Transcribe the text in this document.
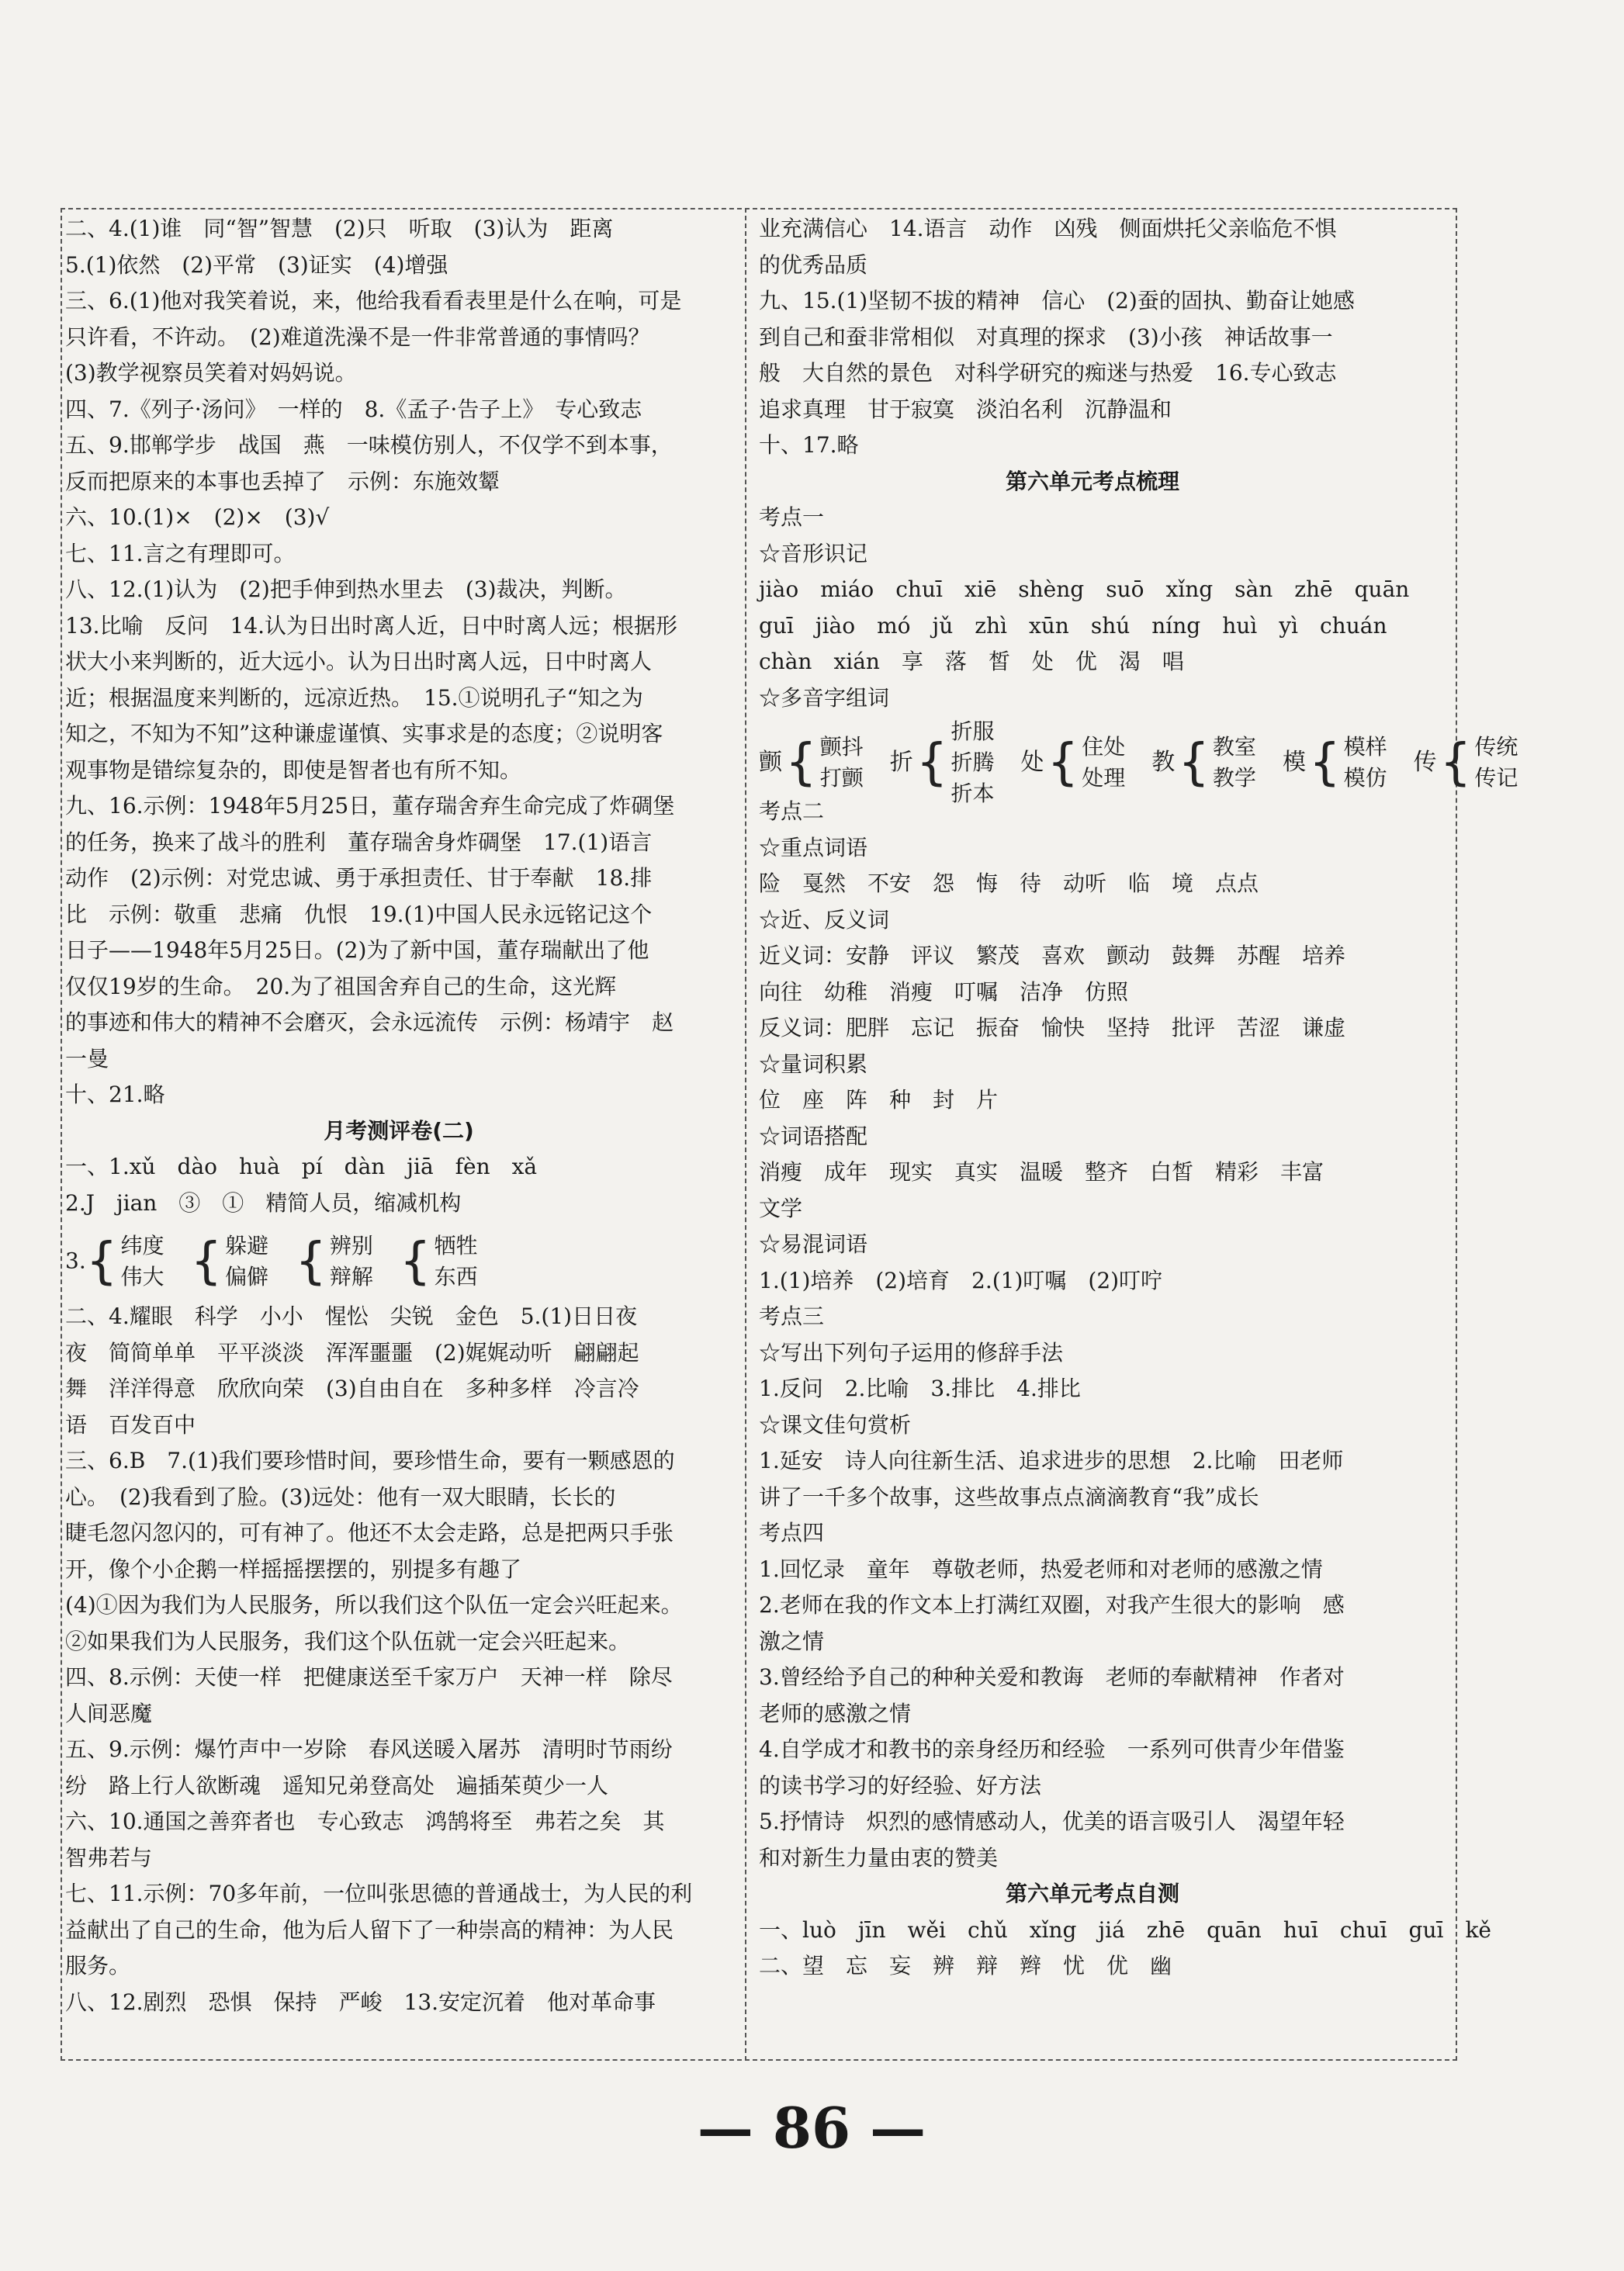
二、4.(1)谁　同“智”智慧　(2)只　听取　(3)认为　距离
5.(1)依然　(2)平常　(3)证实　(4)增强
三、6.(1)他对我笑着说，来，他给我看看表里是什么在响，可是
只许看，不许动。　(2)难道洗澡不是一件非常普通的事情吗？
(3)教学视察员笑着对妈妈说。
四、7.《列子·汤问》　一样的　8.《孟子·告子上》　专心致志
五、9.邯郸学步　战国　燕　一味模仿别人，不仅学不到本事，
反而把原来的本事也丢掉了　示例：东施效颦
六、10.(1)×　(2)×　(3)√
七、11.言之有理即可。
八、12.(1)认为　(2)把手伸到热水里去　(3)裁决，判断。
13.比喻　反问　14.认为日出时离人近，日中时离人远；根据形
状大小来判断的，近大远小。认为日出时离人远，日中时离人
近；根据温度来判断的，远凉近热。　15.①说明孔子“知之为
知之，不知为不知”这种谦虚谨慎、实事求是的态度；②说明客
观事物是错综复杂的，即使是智者也有所不知。
九、16.示例：1948年5月25日，董存瑞舍弃生命完成了炸碉堡
的任务，换来了战斗的胜利　董存瑞舍身炸碉堡　17.(1)语言
动作　(2)示例：对党忠诚、勇于承担责任、甘于奉献　18.排
比　示例：敬重　悲痛　仇恨　19.(1)中国人民永远铭记这个
日子——1948年5月25日。(2)为了新中国，董存瑞献出了他
仅仅19岁的生命。　20.为了祖国舍弃自己的生命，这光辉
的事迹和伟大的精神不会磨灭，会永远流传　示例：杨靖宇　赵
一曼
十、21.略
月考测评卷(二)
一、1.xǔ　dào　huà　pí　dàn　jiā　fèn　xǎ
2.J　jian　③　①　精简人员，缩减机构
3. { 纬度
伟大 { 躲避
偏僻 { 辨别
辩解 { 牺牲
东西
二、4.耀眼　科学　小小　惺忪　尖锐　金色　5.(1)日日夜
夜　简简单单　平平淡淡　浑浑噩噩　(2)娓娓动听　翩翩起
舞　洋洋得意　欣欣向荣　(3)自由自在　多种多样　冷言冷
语　百发百中
三、6.B　7.(1)我们要珍惜时间，要珍惜生命，要有一颗感恩的
心。　(2)我看到了脸。(3)远处：他有一双大眼睛，长长的
睫毛忽闪忽闪的，可有神了。他还不太会走路，总是把两只手张
开，像个小企鹅一样摇摇摆摆的，别提多有趣了
(4)①因为我们为人民服务，所以我们这个队伍一定会兴旺起来。
②如果我们为人民服务，我们这个队伍就一定会兴旺起来。
四、8.示例：天使一样　把健康送至千家万户　天神一样　除尽
人间恶魔
五、9.示例：爆竹声中一岁除　春风送暖入屠苏　清明时节雨纷
纷　路上行人欲断魂　遥知兄弟登高处　遍插茱萸少一人
六、10.通国之善弈者也　专心致志　鸿鹄将至　弗若之矣　其
智弗若与
七、11.示例：70多年前，一位叫张思德的普通战士，为人民的利
益献出了自己的生命，他为后人留下了一种崇高的精神：为人民
服务。
八、12.剧烈　恐惧　保持　严峻　13.安定沉着　他对革命事
业充满信心　14.语言　动作　凶残　侧面烘托父亲临危不惧
的优秀品质
九、15.(1)坚韧不拔的精神　信心　(2)蚕的固执、勤奋让她感
到自己和蚕非常相似　对真理的探求　(3)小孩　神话故事一
般　大自然的景色　对科学研究的痴迷与热爱　16.专心致志
追求真理　甘于寂寞　淡泊名利　沉静温和
十、17.略
第六单元考点梳理
考点一
☆音形识记
jiào　miáo　chuī　xiē　shèng　suō　xǐng　sàn　zhē　quān
guī　jiào　mó　jǔ　zhì　xūn　shú　níng　huì　yì　chuán
chàn　xián　享　落　皙　处　优　渴　唱
☆多音字组词
颤 { 颤抖
打颤
折 {
折服
折腾
折本
处 { 住处
处理
教 { 教室
教学
模 { 模样
模仿
传 { 传统
传记
考点二
☆重点词语
险　戛然　不安　怨　悔　待　动听　临　境　点点
☆近、反义词
近义词：安静　评议　繁茂　喜欢　颤动　鼓舞　苏醒　培养
向往　幼稚　消瘦　叮嘱　洁净　仿照
反义词：肥胖　忘记　振奋　愉快　坚持　批评　苦涩　谦虚
☆量词积累
位　座　阵　种　封　片
☆词语搭配
消瘦　成年　现实　真实　温暖　整齐　白皙　精彩　丰富
文学
☆易混词语
1.(1)培养　(2)培育　2.(1)叮嘱　(2)叮咛
考点三
☆写出下列句子运用的修辞手法
1.反问　2.比喻　3.排比　4.排比
☆课文佳句赏析
1.延安　诗人向往新生活、追求进步的思想　2.比喻　田老师
讲了一千多个故事，这些故事点点滴滴教育“我”成长
考点四
1.回忆录　童年　尊敬老师，热爱老师和对老师的感激之情
2.老师在我的作文本上打满红双圈，对我产生很大的影响　感
激之情
3.曾经给予自己的种种关爱和教诲　老师的奉献精神　作者对
老师的感激之情
4.自学成才和教书的亲身经历和经验　一系列可供青少年借鉴
的读书学习的好经验、好方法
5.抒情诗　炽烈的感情感动人，优美的语言吸引人　渴望年轻
和对新生力量由衷的赞美
第六单元考点自测
一、luò　jīn　wěi　chǔ　xǐng　jiá　zhē　quān　huī　chuī　guī　kě
二、望　忘　妄　辨　辩　辫　忧　优　幽
— 86 —
